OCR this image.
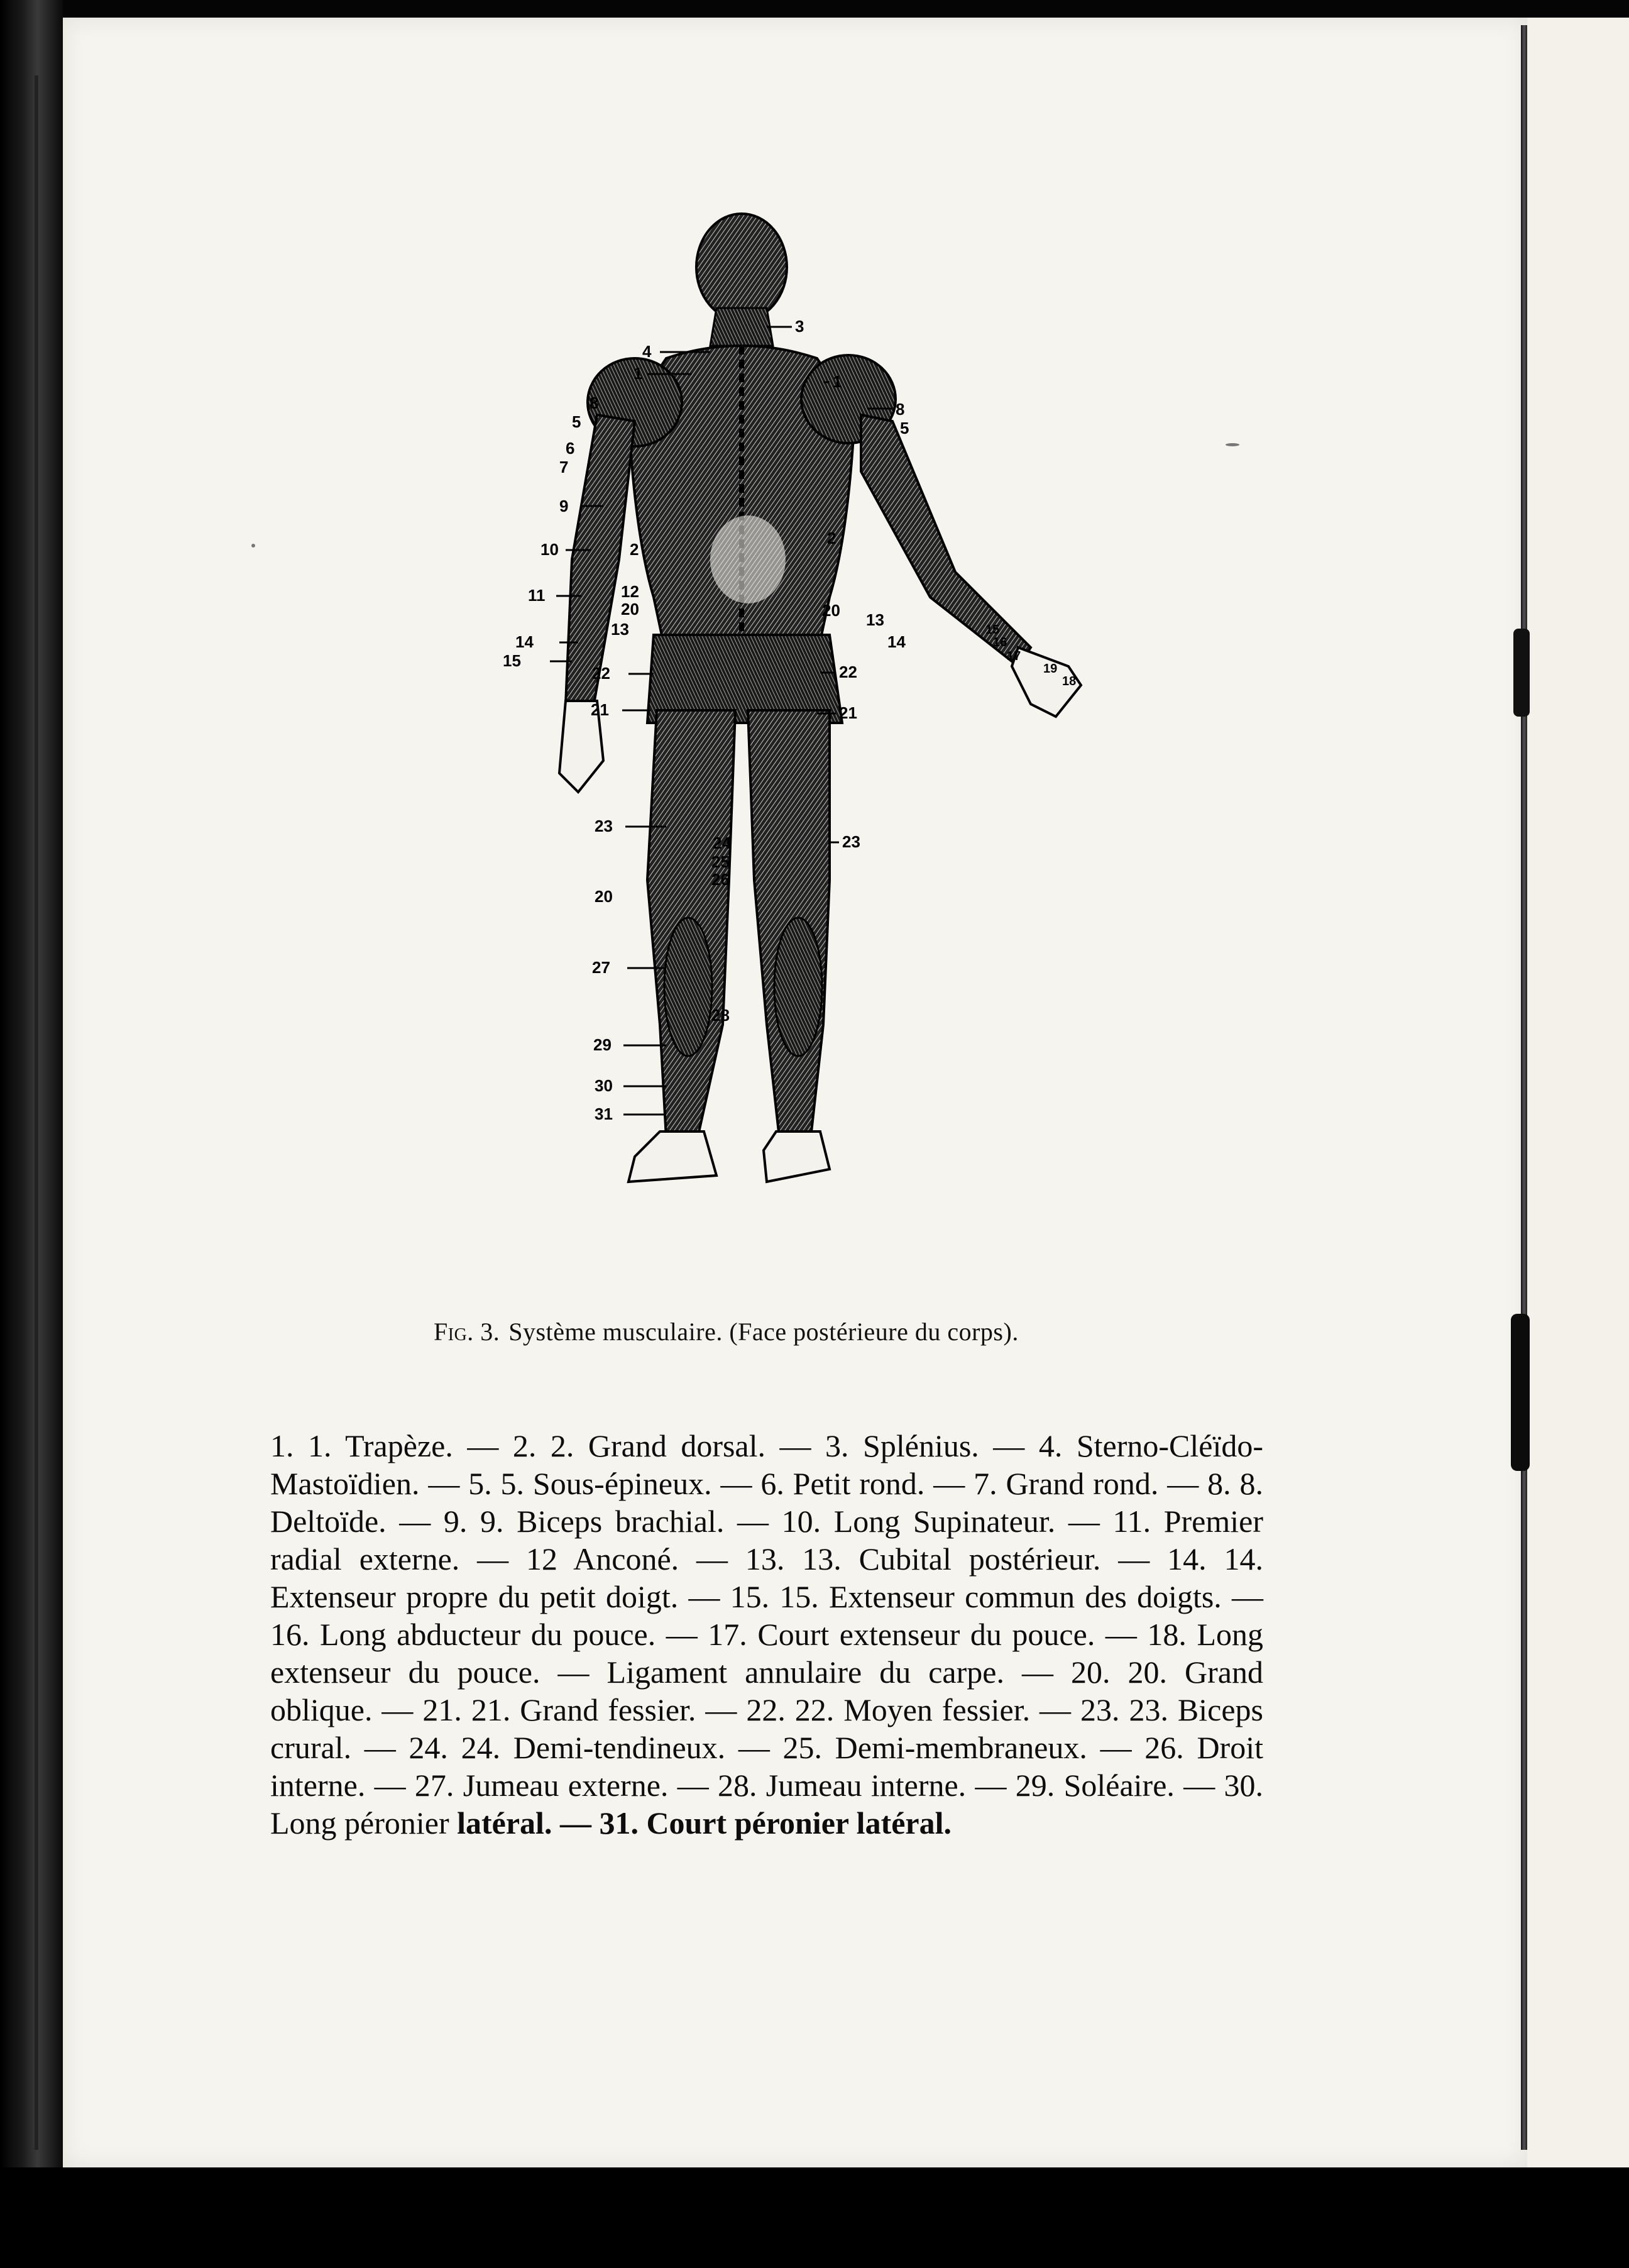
4
1
8
5
6
7
9
10	2
11	12
20
13
14
15
22
21
23
20
27
29
30
31
3
1
8
5
2
20 13
14
15
16
17
19
18
22
21
23
24
25
26
28
Fig. 3. Système musculaire. (Face postérieure du corps).
1. 1. Trapèze. — 2. 2. Grand dorsal. — 3. Splénius. — 4. Sterno-Cléïdo-Mastoïdien. — 5. 5. Sous-épineux. — 6. Petit rond. — 7. Grand rond. — 8. 8. Deltoïde. — 9. 9. Biceps brachial. — 10. Long Supinateur. — 11. Premier radial externe. — 12 Anconé. — 13. 13. Cubital postérieur. — 14. 14. Extenseur propre du petit doigt. — 15. 15. Extenseur commun des doigts. — 16. Long abducteur du pouce. — 17. Court extenseur du pouce. — 18. Long extenseur du pouce. — Ligament annulaire du carpe. — 20. 20. Grand oblique. — 21. 21. Grand fessier. — 22. 22. Moyen fessier. — 23. 23. Biceps crural. — 24. 24. Demi-tendineux. — 25. Demi-membraneux. — 26. Droit interne. — 27. Jumeau externe. — 28. Jumeau interne. — 29. Soléaire. — 30. Long péronier latéral. — 31. Court péronier latéral.
